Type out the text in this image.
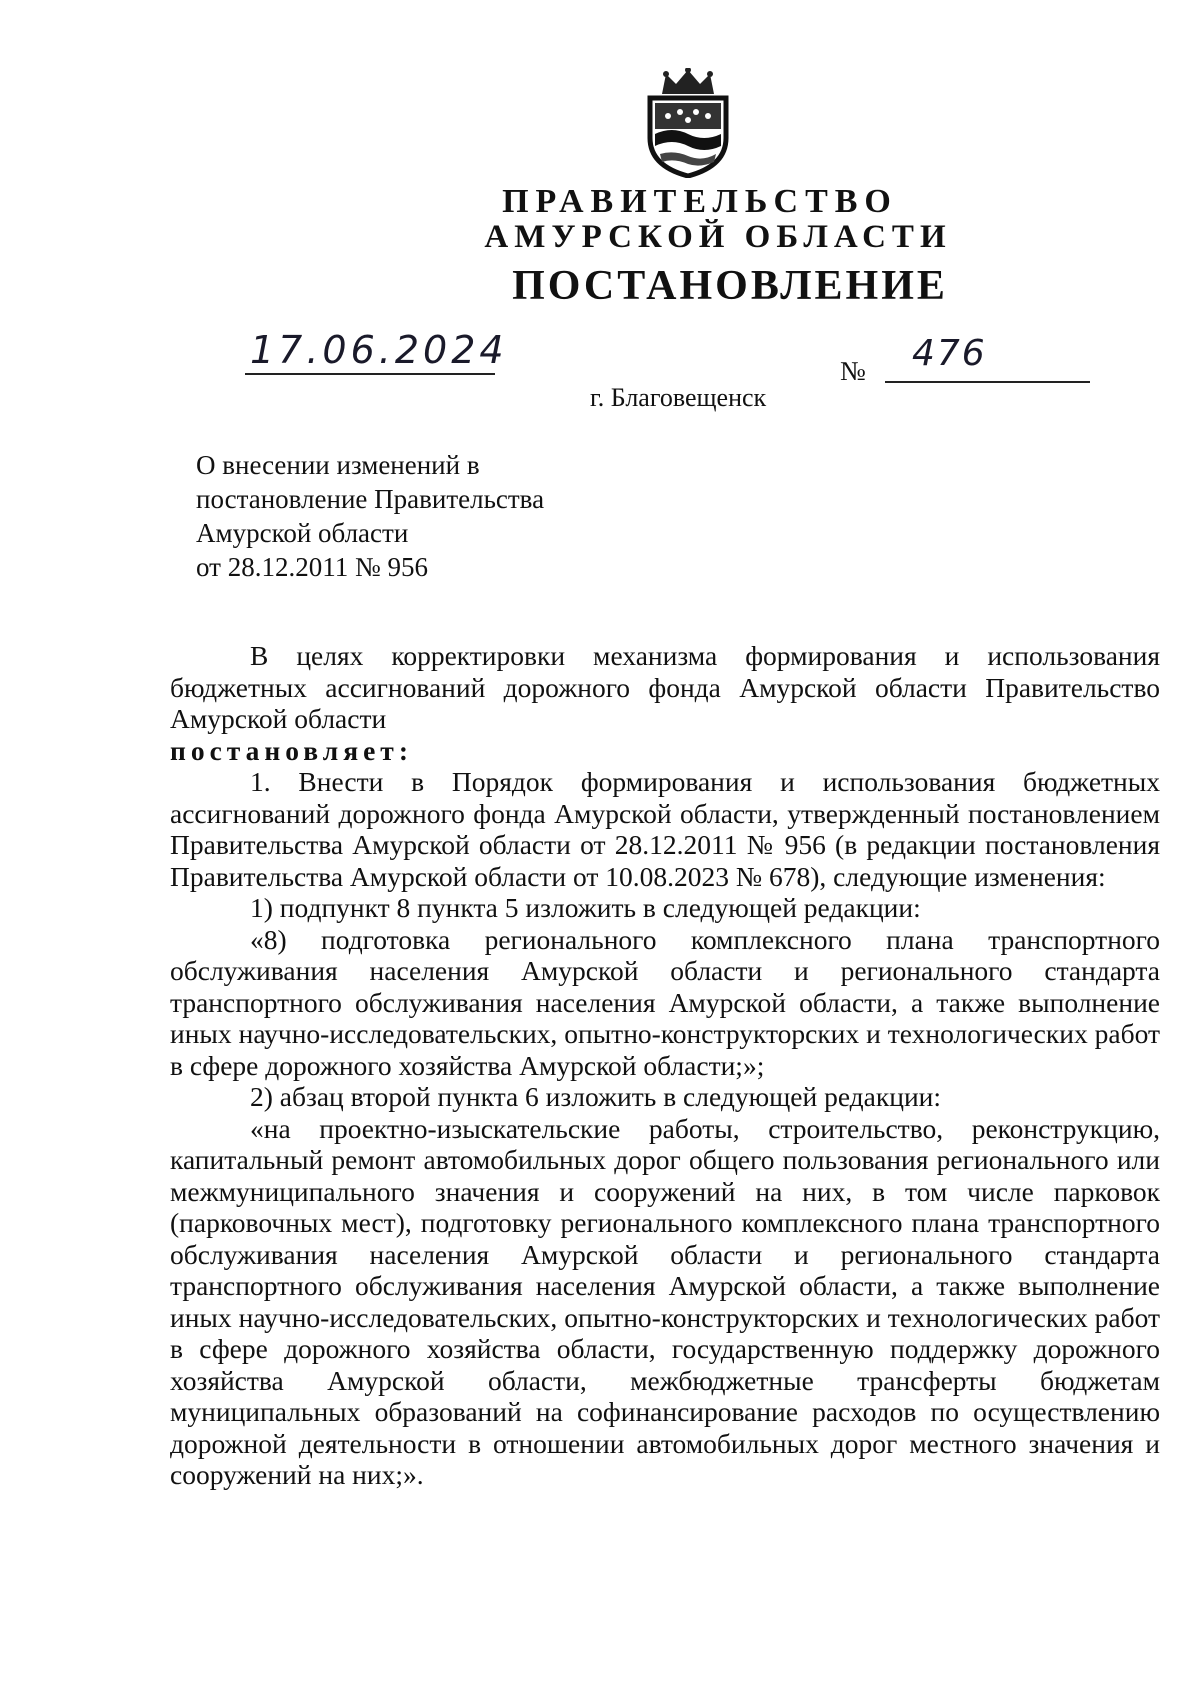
ПРАВИТЕЛЬСТВО
АМУРСКОЙ ОБЛАСТИ
ПОСТАНОВЛЕНИЕ
17.06.2024	№ 476
г. Благовещенск
О внесении изменений в
постановление Правительства
Амурской области
от 28.12.2011 № 956

В целях корректировки механизма формирования и использования бюджетных ассигнований дорожного фонда Амурской области Правительство Амурской области

постановляет:

1. Внести в Порядок формирования и использования бюджетных ассигнований дорожного фонда Амурской области, утвержденный постановлением Правительства Амурской области от 28.12.2011 № 956 (в редакции постановления Правительства Амурской области от 10.08.2023 № 678), следующие изменения:

1) подпункт 8 пункта 5 изложить в следующей редакции:

«8) подготовка регионального комплексного плана транспортного обслуживания населения Амурской области и регионального стандарта транспортного обслуживания населения Амурской области, а также выполнение иных научно-исследовательских, опытно-конструкторских и технологических работ в сфере дорожного хозяйства Амурской области;»;

2) абзац второй пункта 6 изложить в следующей редакции:

«на проектно-изыскательские работы, строительство, реконструкцию, капитальный ремонт автомобильных дорог общего пользования регионального или межмуниципального значения и сооружений на них, в том числе парковок (парковочных мест), подготовку регионального комплексного плана транспортного обслуживания населения Амурской области и регионального стандарта транспортного обслуживания населения Амурской области, а также выполнение иных научно-исследовательских, опытно-конструкторских и технологических работ в сфере дорожного хозяйства области, государственную поддержку дорожного хозяйства Амурской области, межбюджетные трансферты бюджетам муниципальных образований на софинансирование расходов по осуществлению дорожной деятельности в отношении автомобильных дорог местного значения и сооружений на них;».
